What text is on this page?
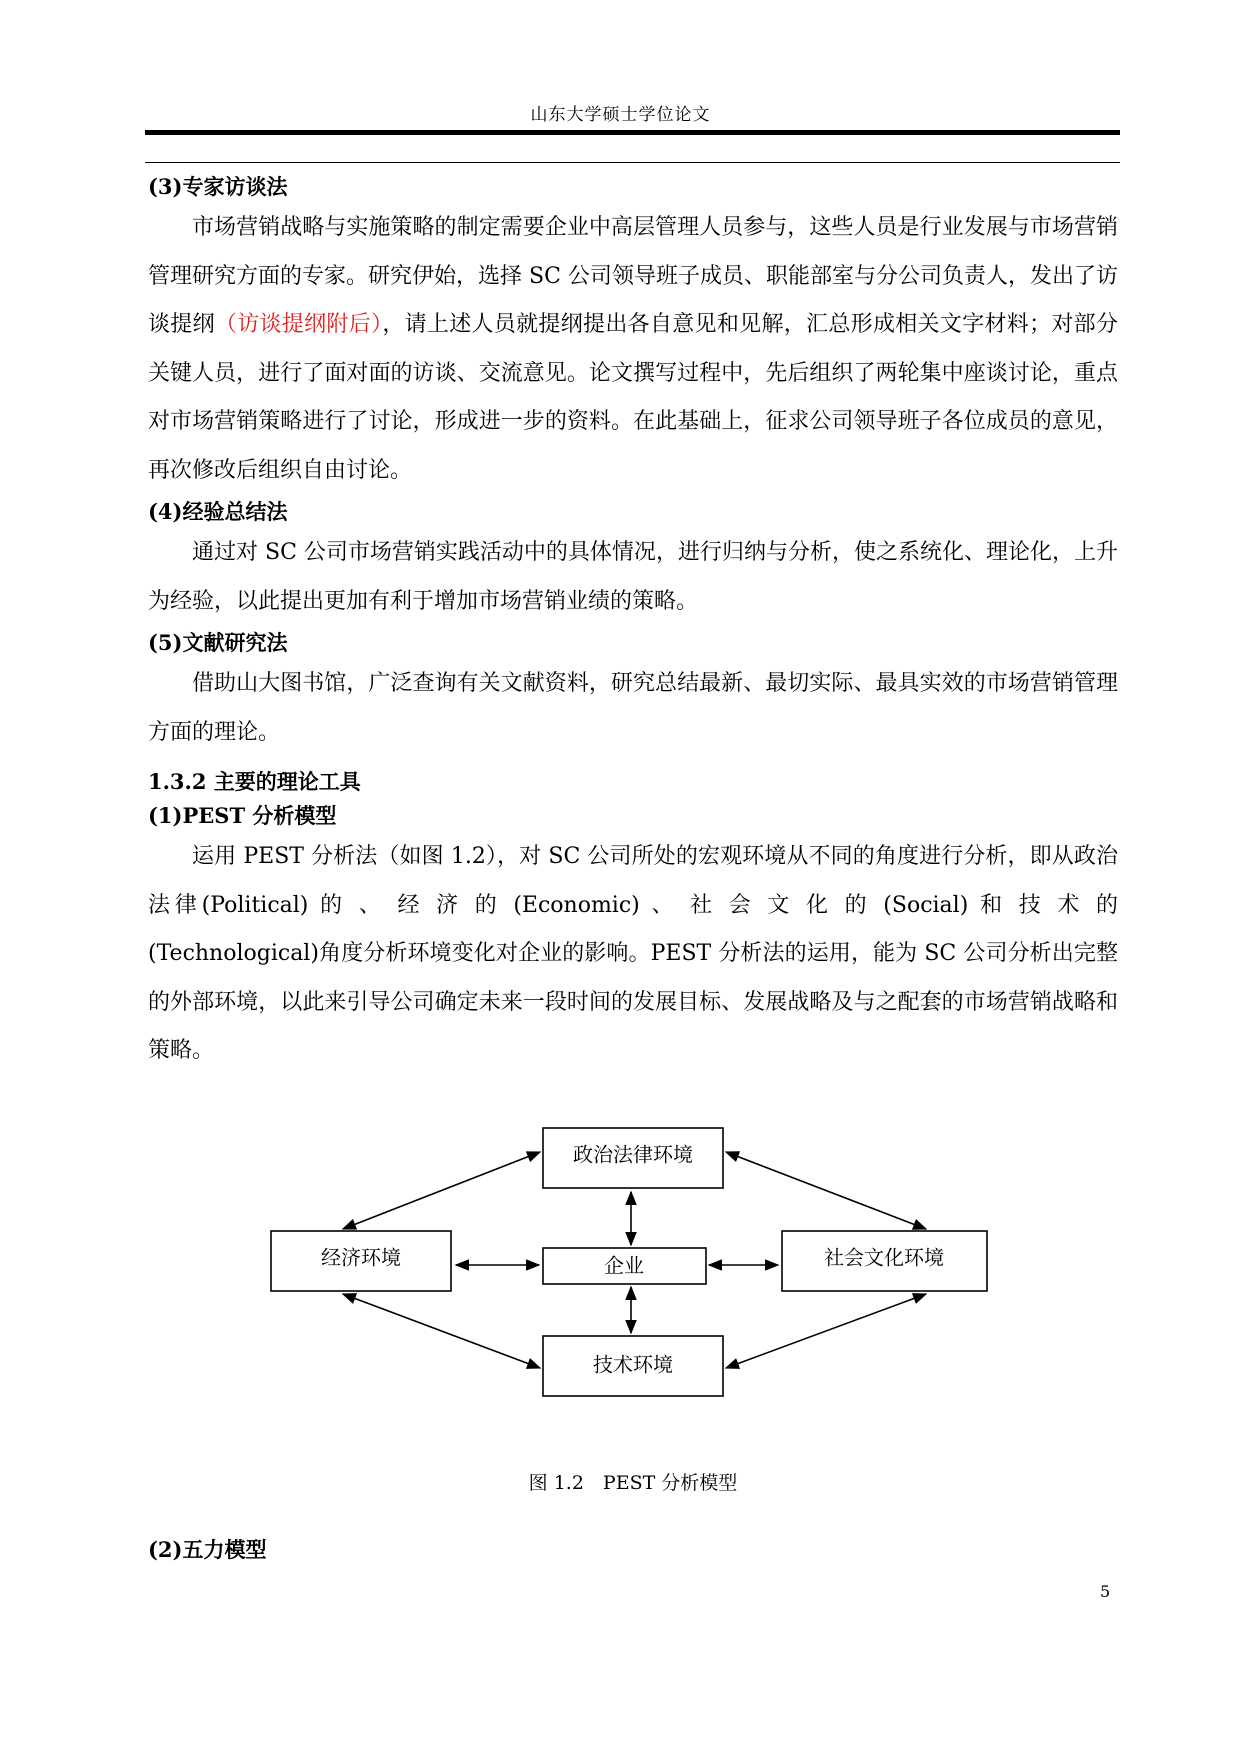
山东大学硕士学位论文

(3)专家访谈法

市场营销战略与实施策略的制定需要企业中高层管理人员参与，这些人员是行业发展与市场营销管理研究方面的专家。研究伊始，选择 SC 公司领导班子成员、职能部室与分公司负责人，发出了访谈提纲（访谈提纲附后），请上述人员就提纲提出各自意见和见解，汇总形成相关文字材料；对部分关键人员，进行了面对面的访谈、交流意见。论文撰写过程中，先后组织了两轮集中座谈讨论，重点对市场营销策略进行了讨论，形成进一步的资料。在此基础上，征求公司领导班子各位成员的意见，再次修改后组织自由讨论。

(4)经验总结法

通过对 SC 公司市场营销实践活动中的具体情况，进行归纳与分析，使之系统化、理论化，上升为经验，以此提出更加有利于增加市场营销业绩的策略。

(5)文献研究法

借助山大图书馆，广泛查询有关文献资料，研究总结最新、最切实际、最具实效的市场营销管理方面的理论。

1.3.2 主要的理论工具

(1)PEST 分析模型

运用 PEST 分析法（如图 1.2），对 SC 公司所处的宏观环境从不同的角度进行分析，即从政治法律(Political) 的 、 经 济 的 (Economic) 、 社 会 文 化 的 (Social) 和 技 术 的(Technological)角度分析环境变化对企业的影响。PEST 分析法的运用，能为 SC 公司分析出完整的外部环境，以此来引导公司确定未来一段时间的发展目标、发展战略及与之配套的市场营销战略和策略。

政治法律环境
经济环境	企业	社会文化环境
技术环境

图 1.2　PEST 分析模型

(2)五力模型

5
